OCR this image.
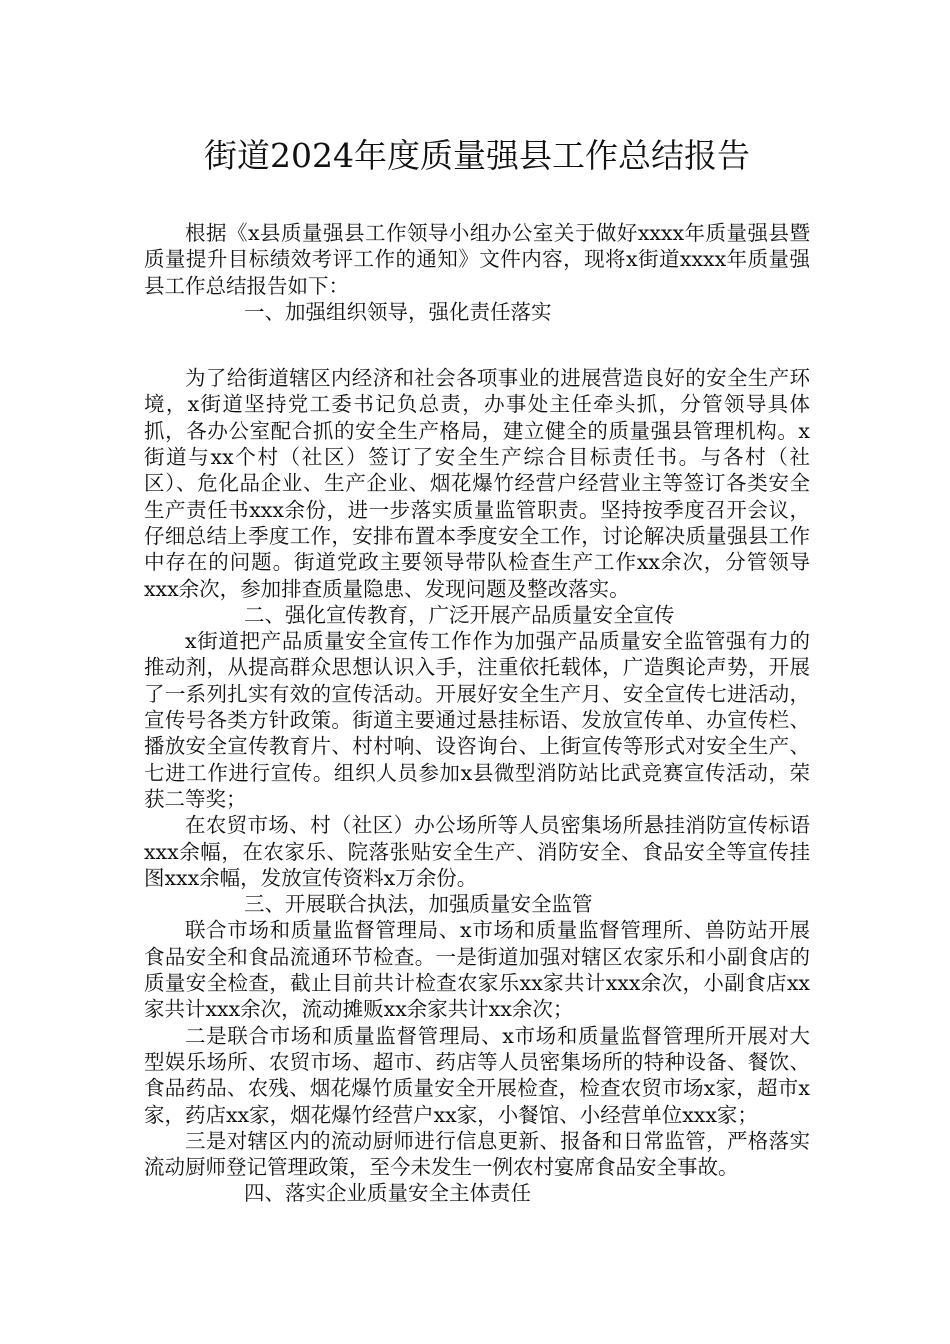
街道2024年度质量强县工作总结报告

根据《x县质量强县工作领导小组办公室关于做好xxxx年质量强县暨质量提升目标绩效考评工作的通知》文件内容，现将x街道xxxx年质量强县工作总结报告如下：

一、加强组织领导，强化责任落实

为了给街道辖区内经济和社会各项事业的进展营造良好的安全生产环境，x街道坚持党工委书记负总责，办事处主任牵头抓，分管领导具体抓，各办公室配合抓的安全生产格局，建立健全的质量强县管理机构。x街道与xx个村（社区）签订了安全生产综合目标责任书。与各村（社区）、危化品企业、生产企业、烟花爆竹经营户经营业主等签订各类安全生产责任书xxx余份，进一步落实质量监管职责。坚持按季度召开会议，仔细总结上季度工作，安排布置本季度安全工作，讨论解决质量强县工作中存在的问题。街道党政主要领导带队检查生产工作xx余次，分管领导xxx余次，参加排查质量隐患、发现问题及整改落实。

二、强化宣传教育，广泛开展产品质量安全宣传

x街道把产品质量安全宣传工作作为加强产品质量安全监管强有力的推动剂，从提高群众思想认识入手，注重依托载体，广造舆论声势，开展了一系列扎实有效的宣传活动。开展好安全生产月、安全宣传七进活动，宣传号各类方针政策。街道主要通过悬挂标语、发放宣传单、办宣传栏、播放安全宣传教育片、村村响、设咨询台、上街宣传等形式对安全生产、七进工作进行宣传。组织人员参加x县微型消防站比武竞赛宣传活动，荣获二等奖；

在农贸市场、村（社区）办公场所等人员密集场所悬挂消防宣传标语xxx余幅，在农家乐、院落张贴安全生产、消防安全、食品安全等宣传挂图xxx余幅，发放宣传资料x万余份。

三、开展联合执法，加强质量安全监管

联合市场和质量监督管理局、x市场和质量监督管理所、兽防站开展食品安全和食品流通环节检查。一是街道加强对辖区农家乐和小副食店的质量安全检查，截止目前共计检查农家乐xx家共计xxx余次，小副食店xx家共计xxx余次，流动摊贩xx余家共计xx余次；

二是联合市场和质量监督管理局、x市场和质量监督管理所开展对大型娱乐场所、农贸市场、超市、药店等人员密集场所的特种设备、餐饮、食品药品、农残、烟花爆竹质量安全开展检查，检查农贸市场x家，超市x家，药店xx家，烟花爆竹经营户xx家，小餐馆、小经营单位xxx家；

三是对辖区内的流动厨师进行信息更新、报备和日常监管，严格落实流动厨师登记管理政策，至今未发生一例农村宴席食品安全事故。

四、落实企业质量安全主体责任
